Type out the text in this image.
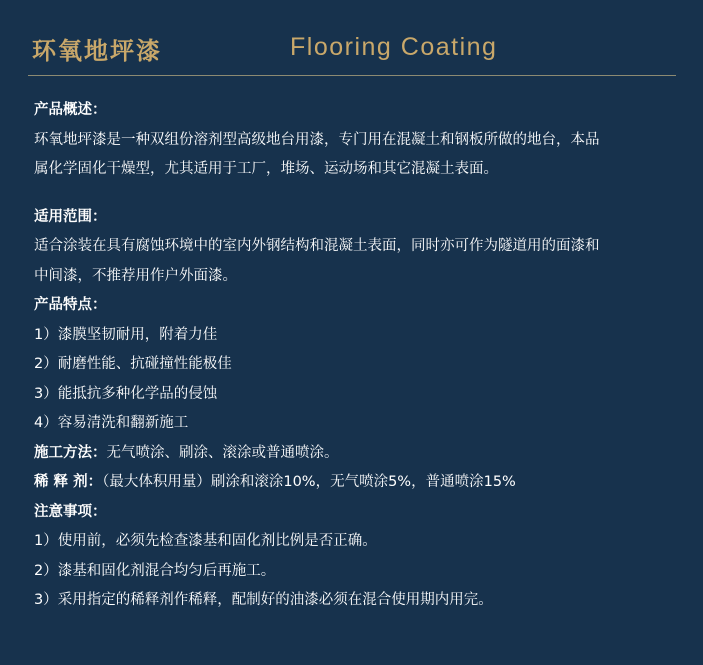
环氧地坪漆	Flooring Coating
产品概述：
环氧地坪漆是一种双组份溶剂型高级地台用漆，专门用在混凝土和钢板所做的地台，本品
属化学固化干燥型，尤其适用于工厂，堆场、运动场和其它混凝土表面。
适用范围：
适合涂装在具有腐蚀环境中的室内外钢结构和混凝土表面，同时亦可作为隧道用的面漆和
中间漆，不推荐用作户外面漆。
产品特点：
1）漆膜坚韧耐用，附着力佳
2）耐磨性能、抗碰撞性能极佳
3）能抵抗多种化学品的侵蚀
4）容易清洗和翻新施工
施工方法：无气喷涂、刷涂、滚涂或普通喷涂。
稀 释 剂：（最大体积用量）刷涂和滚涂10%，无气喷涂5%，普通喷涂15%
注意事项：
1）使用前，必须先检查漆基和固化剂比例是否正确。
2）漆基和固化剂混合均匀后再施工。
3）采用指定的稀释剂作稀释，配制好的油漆必须在混合使用期内用完。
